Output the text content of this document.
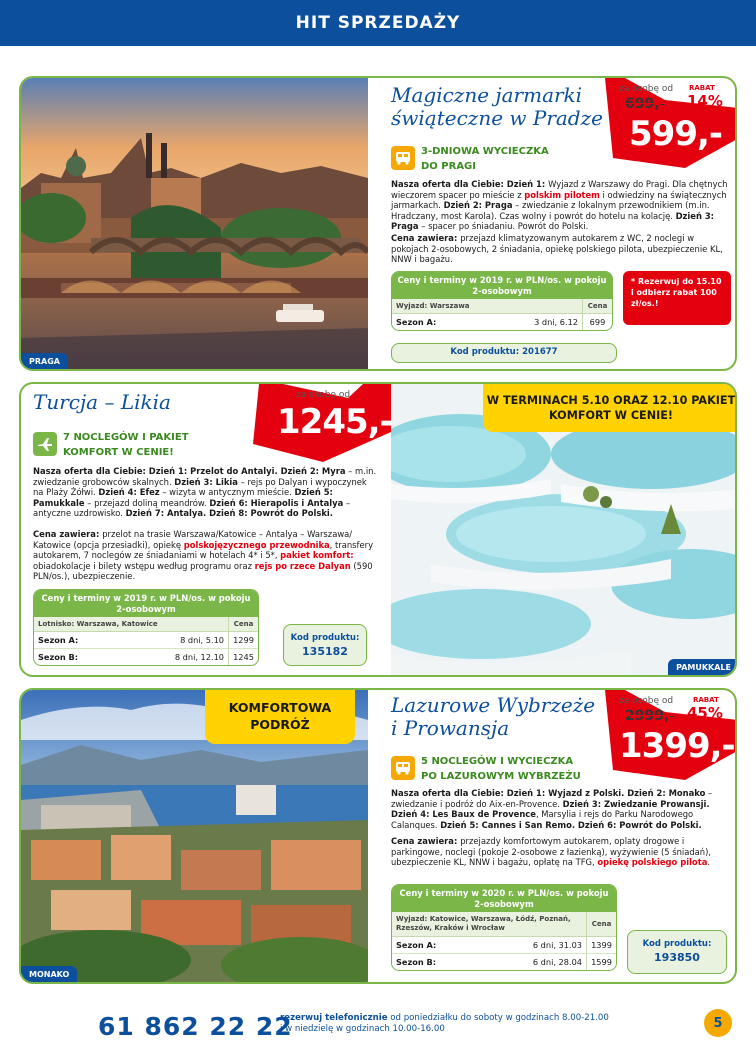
HIT SPRZEDAŻY
PRAGA
Magiczne jarmarki
świąteczne w Pradze
za osobę od
699,-
RABAT
14%
599,-
3-DNIOWA WYCIECZKA
DO PRAGI
Nasza oferta dla Ciebie: Dzień 1: Wyjazd z Warszawy do Pragi. Dla chętnych wieczorem spacer po mieście z polskim pilotem i odwiedziny na świątecznych jarmarkach. Dzień 2: Praga – zwiedzanie z lokalnym przewodnikiem (m.in. Hradczany, most Karola). Czas wolny i powrót do hotelu na kolację. Dzień 3: Praga – spacer po śniadaniu. Powrót do Polski.
Cena zawiera: przejazd klimatyzowanym autokarem z WC, 2 noclegi w pokojach 2-osobowych, 2 śniadania, opiekę polskiego pilota, ubezpieczenie KL, NNW i bagażu.
Ceny i terminy w 2019 r. w PLN/os. w pokoju 2-osobowym
Wyjazd: Warszawa	Cena
Sezon A:	3 dni, 6.12	699
* Rezerwuj do 15.10 i odbierz rabat 100 zł/os.!
Kod produktu: 201677
PAMUKKALE
W TERMINACH 5.10 ORAZ 12.10 PAKIET KOMFORT W CENIE!
Turcja – Likia	za osobę od
1245,-
7 NOCLEGÓW I PAKIET
KOMFORT W CENIE!
Nasza oferta dla Ciebie: Dzień 1: Przelot do Antalyi. Dzień 2: Myra – m.in. zwiedzanie grobowców skalnych. Dzień 3: Likia – rejs po Dalyan i wypoczynek na Plaży Żółwi. Dzień 4: Efez – wizyta w antycznym mieście. Dzień 5: Pamukkale – przejazd doliną meandrów. Dzień 6: Hierapolis i Antalya – antyczne uzdrowisko. Dzień 7: Antalya. Dzień 8: Powrót do Polski.
Cena zawiera: przelot na trasie Warszawa/Katowice – Antalya – Warszawa/ Katowice (opcja przesiadki), opiekę polskojęzycznego przewodnika, transfery autokarem, 7 noclegów ze śniadaniami w hotelach 4* i 5*, pakiet komfort: obiadokolacje i bilety wstępu według programu oraz rejs po rzece Dalyan (590 PLN/os.), ubezpieczenie.
Ceny i terminy w 2019 r. w PLN/os. w pokoju 2-osobowym
Lotnisko: Warszawa, Katowice	Cena
Sezon A:	8 dni, 5.10	1299
Sezon B:	8 dni, 12.10	1245
Kod produktu:
135182
MONAKO
KOMFORTOWA PODRÓŻ
Lazurowe Wybrzeże
i Prowansja
za osobę od
2999,-
RABAT
45%
1399,-
5 NOCLEGÓW I WYCIECZKA
PO LAZUROWYM WYBRZEŻU
Nasza oferta dla Ciebie: Dzień 1: Wyjazd z Polski. Dzień 2: Monako – zwiedzanie i podróż do Aix-en-Provence. Dzień 3: Zwiedzanie Prowansji. Dzień 4: Les Baux de Provence, Marsylia i rejs do Parku Narodowego Calanques. Dzień 5: Cannes i San Remo. Dzień 6: Powrót do Polski.
Cena zawiera: przejazdy komfortowym autokarem, oplaty drogowe i parkingowe, noclegi (pokoje 2-osobowe z łazienką), wyżywienie (5 śniadań), ubezpieczenie KL, NNW i bagażu, opłatę na TFG, opiekę polskiego pilota.
Ceny i terminy w 2020 r. w PLN/os. w pokoju 2-osobowym
Wyjazd: Katowice, Warszawa, Łódź, Poznań, Rzeszów, Kraków i Wrocław	Cena
Sezon A:	6 dni, 31.03	1399
Sezon B:	6 dni, 28.04	1599
Kod produktu:
193850
61 862 22 22
rezerwuj telefonicznie od poniedziałku do soboty w godzinach 8.00-21.00
i w niedzielę w godzinach 10.00-16.00	5
